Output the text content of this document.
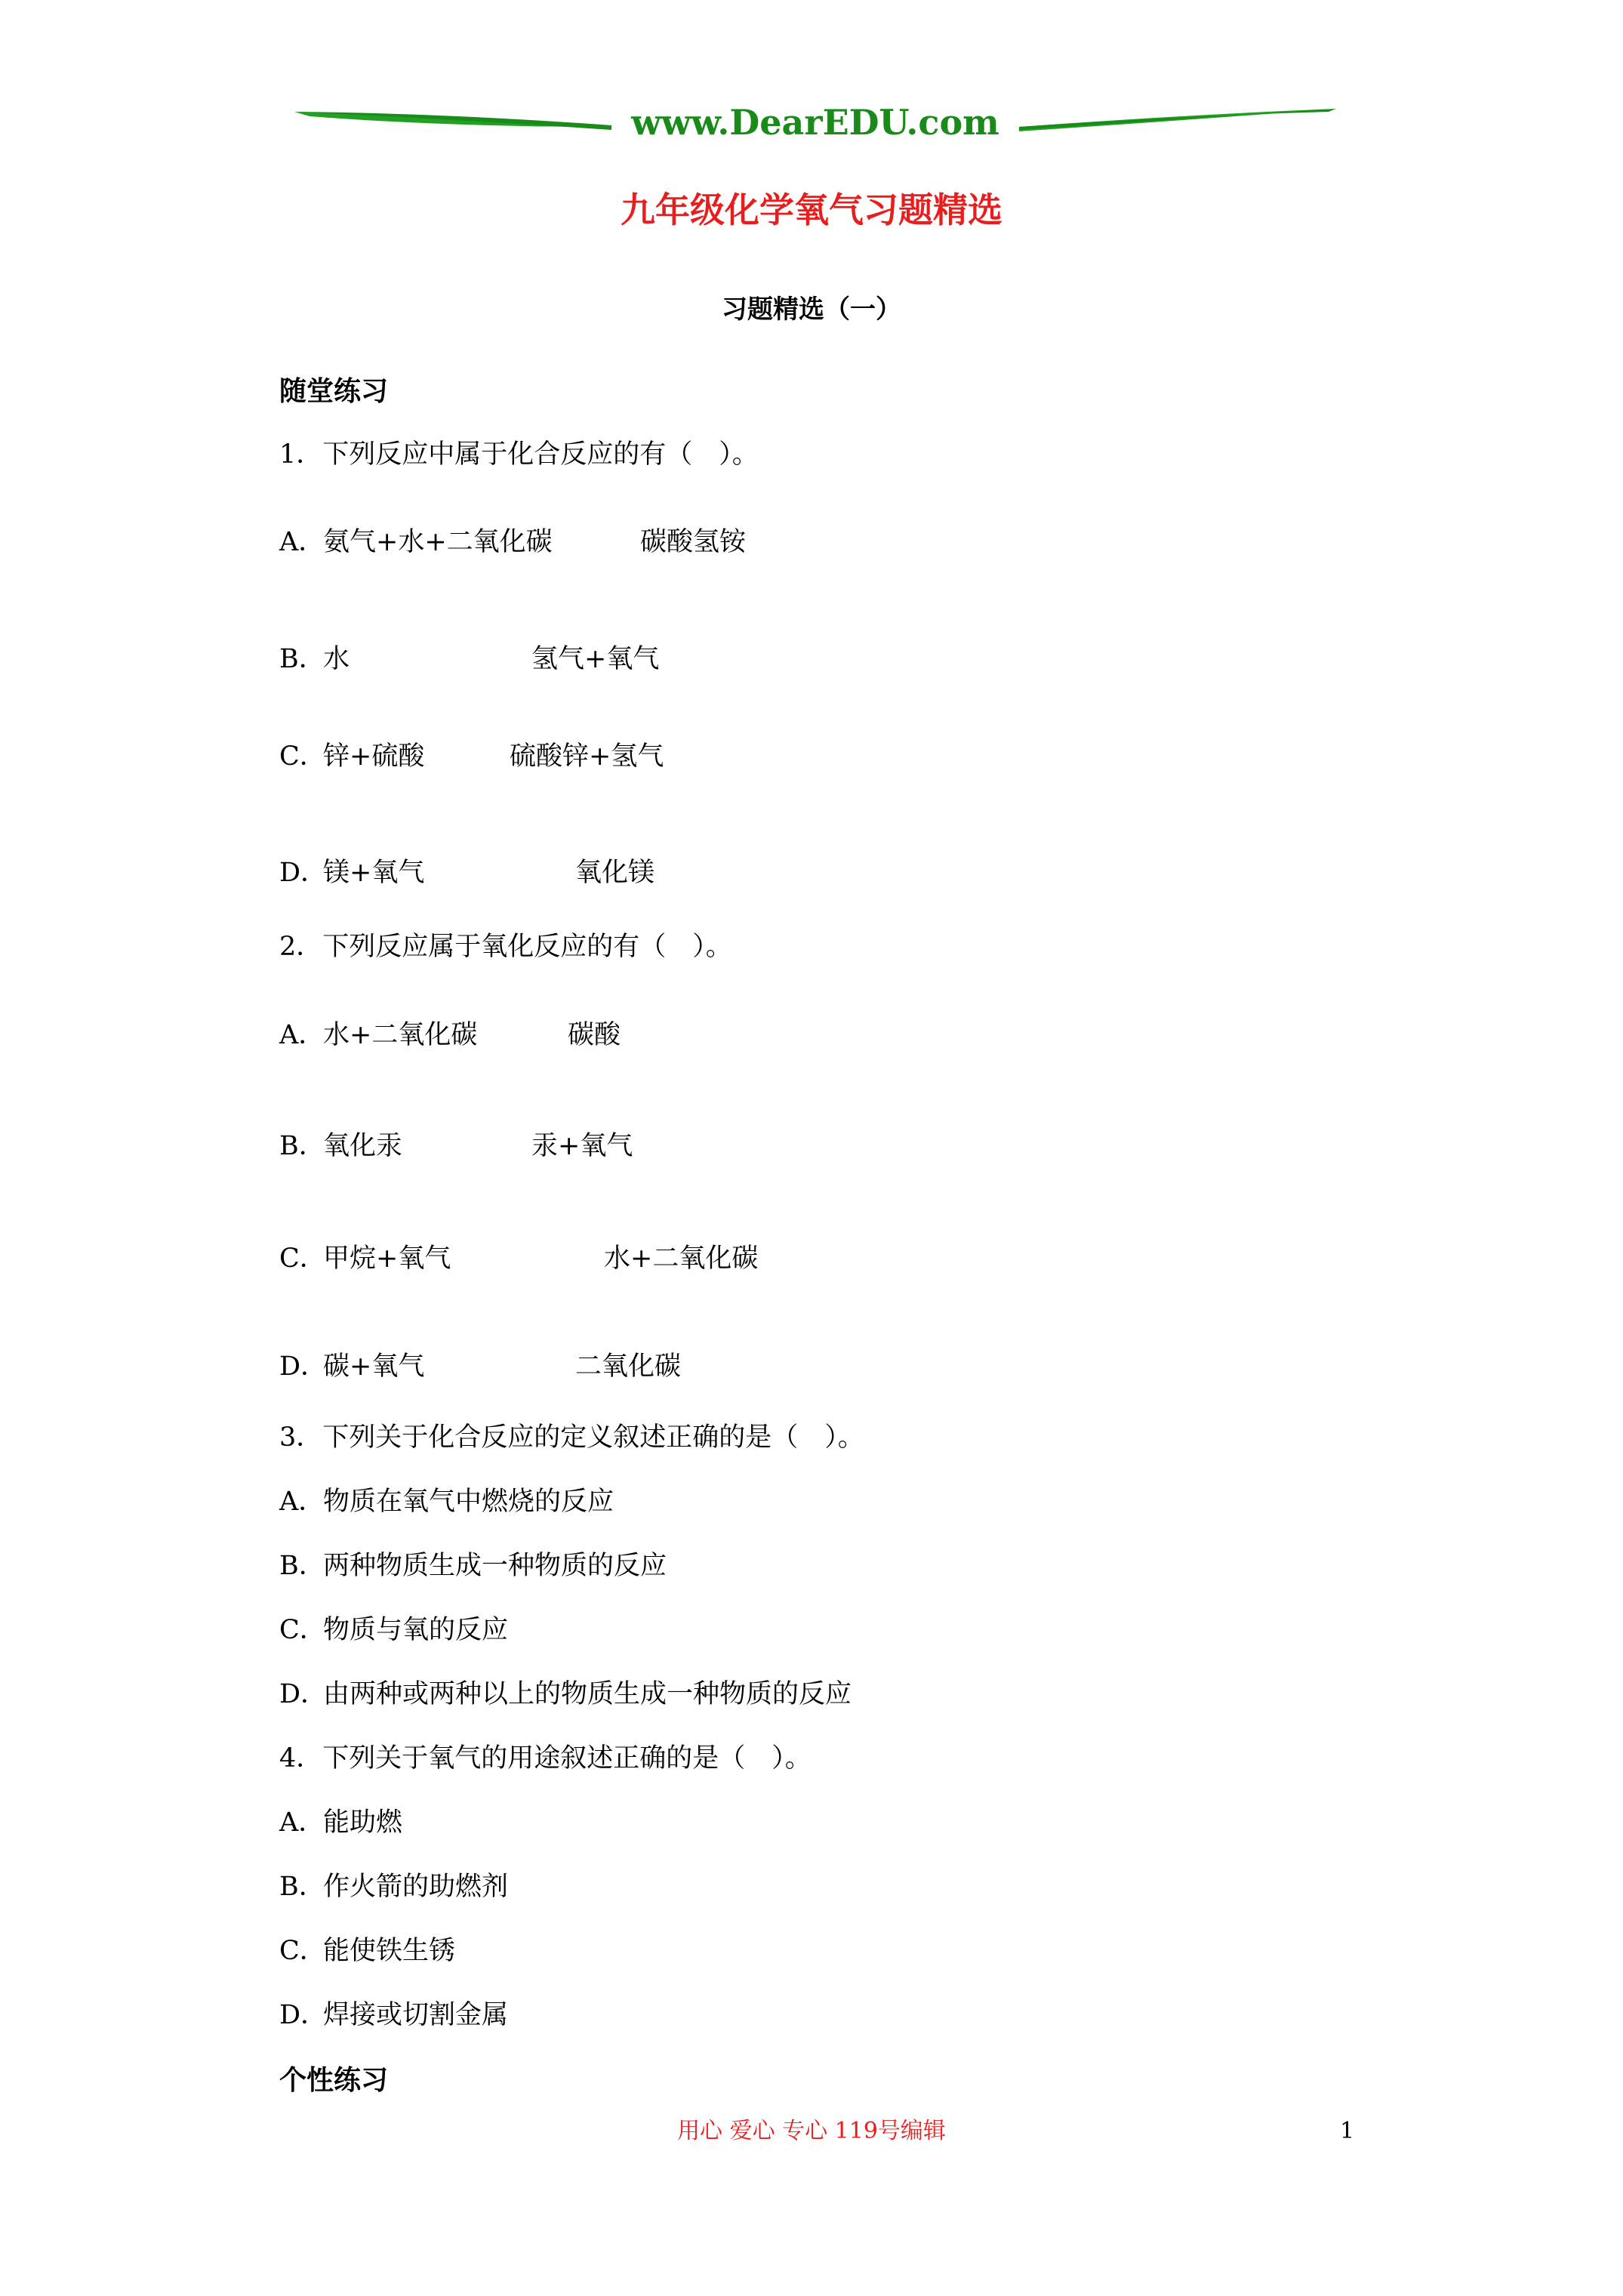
www.DearEDU.com
九年级化学氧气习题精选
习题精选（一）
随堂练习
1．下列反应中属于化合反应的有（　）。
A．氨气+水+二氧化碳	碳酸氢铵
B．水	氢气+氧气
C．锌+硫酸	硫酸锌+氢气
D．镁+氧气	氧化镁
2．下列反应属于氧化反应的有（　）。
A．水+二氧化碳	碳酸
B．氧化汞	汞+氧气
C．甲烷+氧气	水+二氧化碳
D．碳+氧气	二氧化碳
3．下列关于化合反应的定义叙述正确的是（　）。
A．物质在氧气中燃烧的反应
B．两种物质生成一种物质的反应
C．物质与氧的反应
D．由两种或两种以上的物质生成一种物质的反应
4．下列关于氧气的用途叙述正确的是（　）。
A．能助燃
B．作火箭的助燃剂
C．能使铁生锈
D．焊接或切割金属
个性练习
用心 爱心 专心 119号编辑	1
